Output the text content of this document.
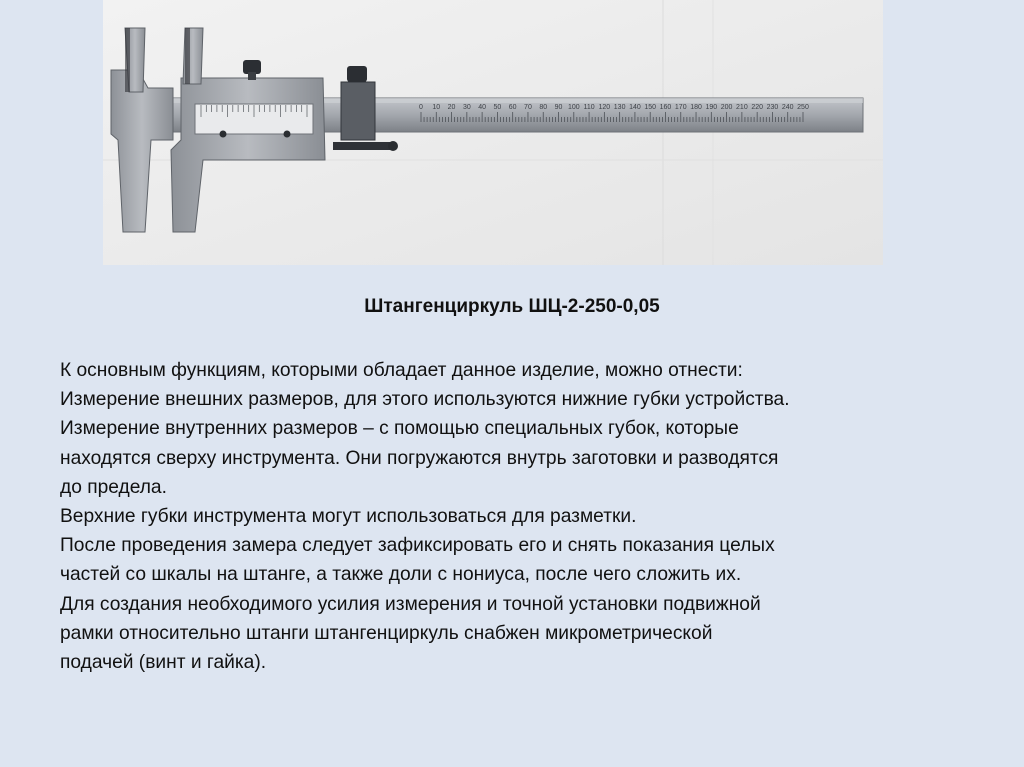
0 10 20 30 40 50 60 70 80 90 100 110 120 130 140 150 160 170 180 190 200 210 220 230 240 250
Штангенциркуль ШЦ-2-250-0,05
К основным функциям, которыми обладает данное изделие, можно отнести:
Измерение внешних размеров, для этого используются нижние губки устройства.
Измерение внутренних размеров – с помощью специальных губок, которые
находятся сверху инструмента. Они погружаются внутрь заготовки и разводятся
до предела.
Верхние губки инструмента могут использоваться для разметки.
После проведения замера следует зафиксировать его и снять показания целых
частей со шкалы на штанге, а также доли с нониуса, после чего сложить их.
Для создания необходимого усилия измерения и точной установки подвижной
рамки относительно штанги штангенциркуль снабжен микрометрической
подачей (винт и гайка).
